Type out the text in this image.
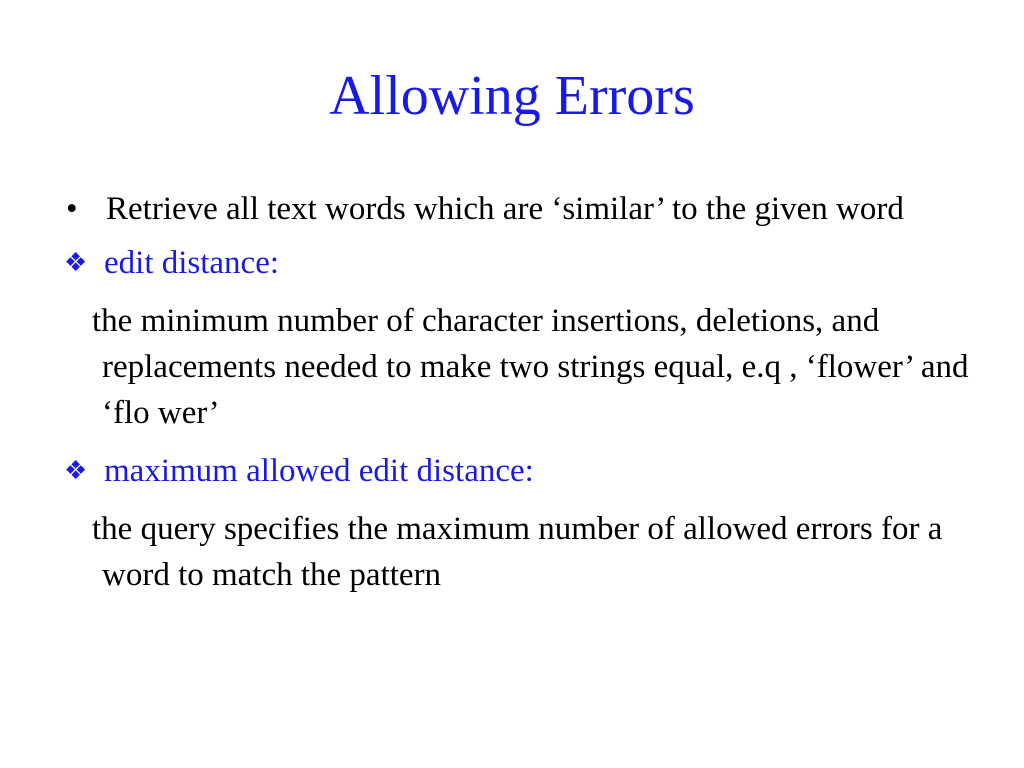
Allowing Errors
• Retrieve all text words which are ‘similar’ to the given word
❖ edit distance:
the minimum number of character insertions, deletions, and replacements needed to make two strings equal, e.q , ‘flower’ and ‘flo wer’
❖ maximum allowed edit distance:
the query specifies the maximum number of allowed errors for a word to match the pattern
